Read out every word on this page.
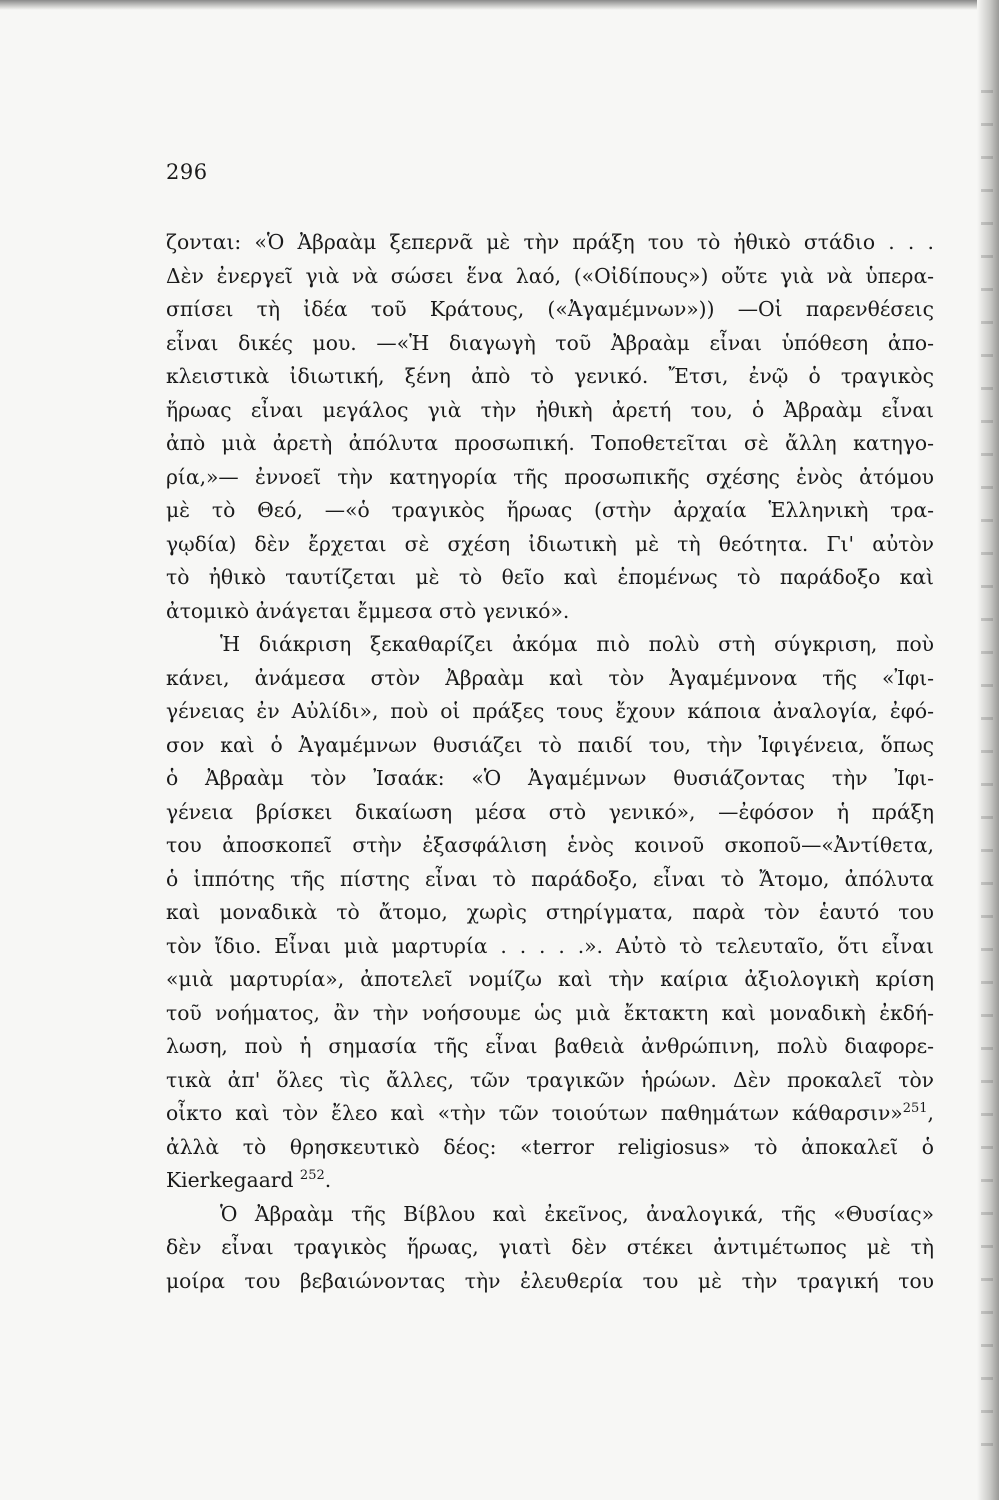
296
ζονται: «Ὁ Ἀβραὰμ ξεπερνᾶ μὲ τὴν πράξη του τὸ ἠθικὸ στάδιο . . .
Δὲν ἐνεργεῖ γιὰ νὰ σώσει ἕνα λαό, («Οἰδίπους») οὔτε γιὰ νὰ ὑπερα-
σπίσει τὴ ἰδέα τοῦ Κράτους, («Ἀγαμέμνων»)) —Οἱ παρενθέσεις
εἶναι δικές μου. —«Ἡ διαγωγὴ τοῦ Ἀβραὰμ εἶναι ὑπόθεση ἀπο-
κλειστικὰ ἰδιωτική, ξένη ἀπὸ τὸ γενικό. Ἔτσι, ἐνῷ ὁ τραγικὸς
ἥρωας εἶναι μεγάλος γιὰ τὴν ἠθικὴ ἀρετή του, ὁ Ἀβραὰμ εἶναι
ἀπὸ μιὰ ἀρετὴ ἀπόλυτα προσωπική. Τοποθετεῖται σὲ ἄλλη κατηγο-
ρία,»— ἐννοεῖ τὴν κατηγορία τῆς προσωπικῆς σχέσης ἑνὸς ἀτόμου
μὲ τὸ Θεό, —«ὁ τραγικὸς ἥρωας (στὴν ἀρχαία Ἑλληνικὴ τρα-
γῳδία) δὲν ἔρχεται σὲ σχέση ἰδιωτικὴ μὲ τὴ θεότητα. Γι' αὐτὸν
τὸ ἠθικὸ ταυτίζεται μὲ τὸ θεῖο καὶ ἑπομένως τὸ παράδοξο καὶ
ἀτομικὸ ἀνάγεται ἔμμεσα στὸ γενικό».
Ἡ διάκριση ξεκαθαρίζει ἀκόμα πιὸ πολὺ στὴ σύγκριση, ποὺ
κάνει, ἀνάμεσα στὸν Ἀβραὰμ καὶ τὸν Ἀγαμέμνονα τῆς «Ἰφι-
γένειας ἐν Αὐλίδι», ποὺ οἱ πράξες τους ἔχουν κάποια ἀναλογία, ἐφό-
σον καὶ ὁ Ἀγαμέμνων θυσιάζει τὸ παιδί του, τὴν Ἰφιγένεια, ὅπως
ὁ Ἀβραὰμ τὸν Ἰσαάκ: «Ὁ Ἀγαμέμνων θυσιάζοντας τὴν Ἰφι-
γένεια βρίσκει δικαίωση μέσα στὸ γενικό», —ἐφόσον ἡ πράξη
του ἀποσκοπεῖ στὴν ἐξασφάλιση ἑνὸς κοινοῦ σκοποῦ—«Ἀντίθετα,
ὁ ἱππότης τῆς πίστης εἶναι τὸ παράδοξο, εἶναι τὸ Ἄτομο, ἀπόλυτα
καὶ μοναδικὰ τὸ ἄτομο, χωρὶς στηρίγματα, παρὰ τὸν ἑαυτό του
τὸν ἴδιο. Εἶναι μιὰ μαρτυρία . . . . .». Αὐτὸ τὸ τελευταῖο, ὅτι εἶναι
«μιὰ μαρτυρία», ἀποτελεῖ νομίζω καὶ τὴν καίρια ἀξιολογικὴ κρίση
τοῦ νοήματος, ἂν τὴν νοήσουμε ὡς μιὰ ἔκτακτη καὶ μοναδικὴ ἐκδή-
λωση, ποὺ ἡ σημασία τῆς εἶναι βαθειὰ ἀνθρώπινη, πολὺ διαφορε-
τικὰ ἀπ' ὅλες τὶς ἄλλες, τῶν τραγικῶν ἡρώων. Δὲν προκαλεῖ τὸν
οἶκτο καὶ τὸν ἔλεο καὶ «τὴν τῶν τοιούτων παθημάτων κάθαρσιν»$^{251}$,
ἀλλὰ τὸ θρησκευτικὸ δέος: «terror religiosus» τὸ ἀποκαλεῖ ὁ
Kierkegaard $^{252}$.
Ὁ Ἀβραὰμ τῆς Βίβλου καὶ ἐκεῖνος, ἀναλογικά, τῆς «Θυσίας»
δὲν εἶναι τραγικὸς ἥρωας, γιατὶ δὲν στέκει ἀντιμέτωπος μὲ τὴ
μοίρα του βεβαιώνοντας τὴν ἐλευθερία του μὲ τὴν τραγική του
